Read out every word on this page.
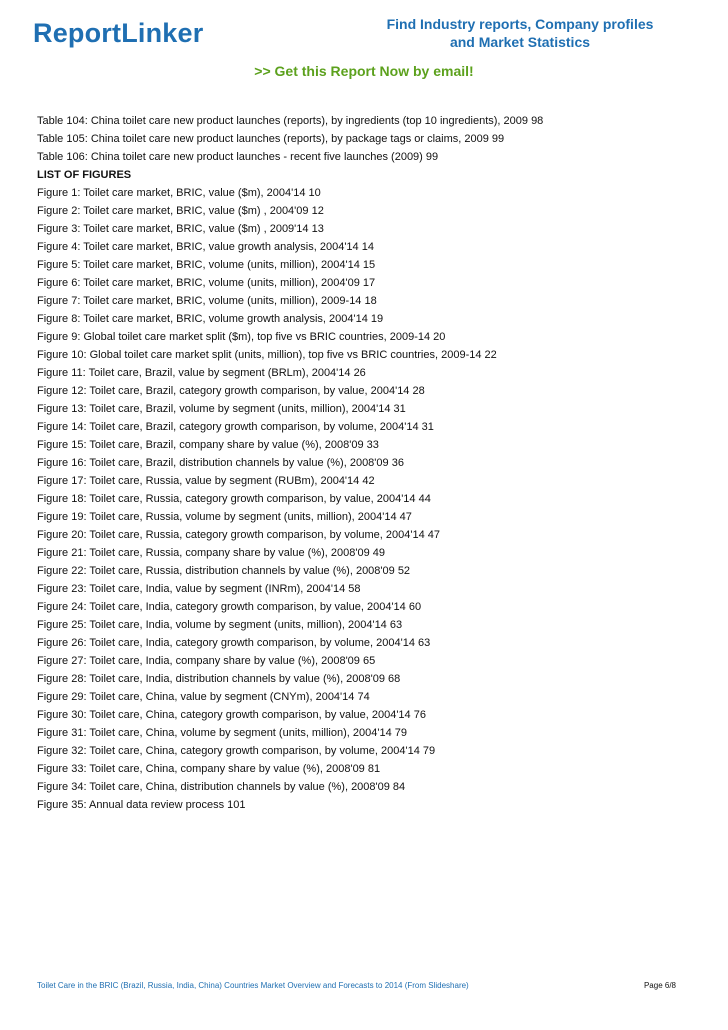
ReportLinker	Find Industry reports, Company profiles
and Market Statistics
>> Get this Report Now by email!
Table 104: China toilet care new product launches (reports), by ingredients (top 10 ingredients), 2009 98
Table 105: China toilet care new product launches (reports), by package tags or claims, 2009 99
Table 106: China toilet care new product launches - recent five launches (2009) 99
LIST OF FIGURES
Figure 1: Toilet care market, BRIC, value ($m), 2004'14 10
Figure 2: Toilet care market, BRIC, value ($m) , 2004'09 12
Figure 3: Toilet care market, BRIC, value ($m) , 2009'14 13
Figure 4: Toilet care market, BRIC, value growth analysis, 2004'14 14
Figure 5: Toilet care market, BRIC, volume (units, million), 2004'14 15
Figure 6: Toilet care market, BRIC, volume (units, million), 2004'09 17
Figure 7: Toilet care market, BRIC, volume (units, million), 2009-14 18
Figure 8: Toilet care market, BRIC, volume growth analysis, 2004'14 19
Figure 9: Global toilet care market split ($m), top five vs BRIC countries, 2009-14 20
Figure 10: Global toilet care market split (units, million), top five vs BRIC countries, 2009-14 22
Figure 11: Toilet care, Brazil, value by segment (BRLm), 2004'14 26
Figure 12: Toilet care, Brazil, category growth comparison, by value, 2004'14 28
Figure 13: Toilet care, Brazil, volume by segment (units, million), 2004'14 31
Figure 14: Toilet care, Brazil, category growth comparison, by volume, 2004'14 31
Figure 15: Toilet care, Brazil, company share by value (%), 2008'09 33
Figure 16: Toilet care, Brazil, distribution channels by value (%), 2008'09 36
Figure 17: Toilet care, Russia, value by segment (RUBm), 2004'14 42
Figure 18: Toilet care, Russia, category growth comparison, by value, 2004'14 44
Figure 19: Toilet care, Russia, volume by segment (units, million), 2004'14 47
Figure 20: Toilet care, Russia, category growth comparison, by volume, 2004'14 47
Figure 21: Toilet care, Russia, company share by value (%), 2008'09 49
Figure 22: Toilet care, Russia, distribution channels by value (%), 2008'09 52
Figure 23: Toilet care, India, value by segment (INRm), 2004'14 58
Figure 24: Toilet care, India, category growth comparison, by value, 2004'14 60
Figure 25: Toilet care, India, volume by segment (units, million), 2004'14 63
Figure 26: Toilet care, India, category growth comparison, by volume, 2004'14 63
Figure 27: Toilet care, India, company share by value (%), 2008'09 65
Figure 28: Toilet care, India, distribution channels by value (%), 2008'09 68
Figure 29: Toilet care, China, value by segment (CNYm), 2004'14 74
Figure 30: Toilet care, China, category growth comparison, by value, 2004'14 76
Figure 31: Toilet care, China, volume by segment (units, million), 2004'14 79
Figure 32: Toilet care, China, category growth comparison, by volume, 2004'14 79
Figure 33: Toilet care, China, company share by value (%), 2008'09 81
Figure 34: Toilet care, China, distribution channels by value (%), 2008'09 84
Figure 35: Annual data review process 101
Toilet Care in the BRIC (Brazil, Russia, India, China) Countries Market Overview and Forecasts to 2014 (From Slideshare)	Page 6/8
